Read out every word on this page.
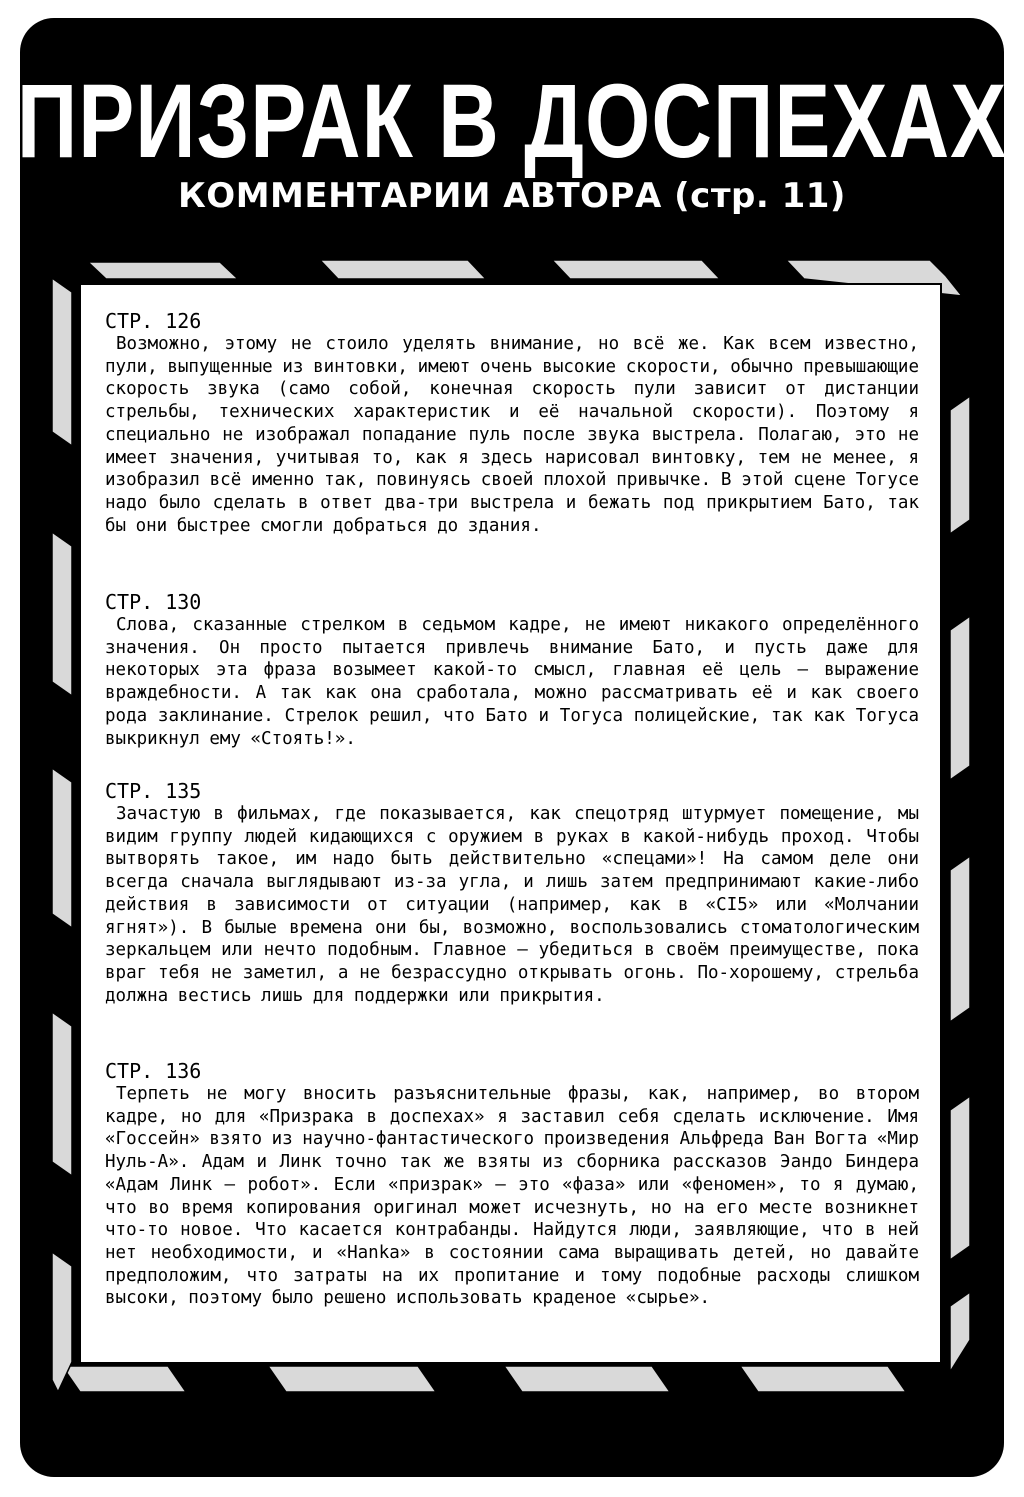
ПРИЗРАК В ДОСПЕХАХ
КОММЕНТАРИИ АВТОРА (стр. 11)

СТР. 126

Возможно, этому не стоило уделять внимание, но всё же. Как всем известно, пули, выпущенные из винтовки, имеют очень высокие скорости, обычно превышающие скорость звука (само собой, конечная скорость пули зависит от дистанции стрельбы, технических характеристик и её начальной скорости). Поэтому я специально не изображал попадание пуль после звука выстрела. Полагаю, это не имеет значения, учитывая то, как я здесь нарисовал винтовку, тем не менее, я изобразил всё именно так, повинуясь своей плохой привычке. В этой сцене Тогусе надо было сделать в ответ два-три выстрела и бежать под прикрытием Бато, так бы они быстрее смогли добраться до здания.

СТР. 130

Слова, сказанные стрелком в седьмом кадре, не имеют никакого определённого значения. Он просто пытается привлечь внимание Бато, и пусть даже для некоторых эта фраза возымеет какой-то смысл, главная её цель – выражение враждебности. А так как она сработала, можно рассматривать её и как своего рода заклинание. Стрелок решил, что Бато и Тогуса полицейские, так как Тогуса выкрикнул ему «Стоять!».

СТР. 135

Зачастую в фильмах, где показывается, как спецотряд штурмует помещение, мы видим группу людей кидающихся с оружием в руках в какой-нибудь проход. Чтобы вытворять такое, им надо быть действительно «спецами»! На самом деле они всегда сначала выглядывают из-за угла, и лишь затем предпринимают какие-либо действия в зависимости от ситуации (например, как в «CI5» или «Молчании ягнят»). В былые времена они бы, возможно, воспользовались стоматологическим зеркальцем или нечто подобным. Главное – убедиться в своём преимуществе, пока враг тебя не заметил, а не безрассудно открывать огонь. По-хорошему, стрельба должна вестись лишь для поддержки или прикрытия.

СТР. 136

Терпеть не могу вносить разъяснительные фразы, как, например, во втором кадре, но для «Призрака в доспехах» я заставил себя сделать исключение. Имя «Госсейн» взято из научно-фантастического произведения Альфреда Ван Вогта «Мир Нуль-А». Адам и Линк точно так же взяты из сборника рассказов Эандо Биндера «Адам Линк – робот». Если «призрак» – это «фаза» или «феномен», то я думаю, что во время копирования оригинал может исчезнуть, но на его месте возникнет что-то новое. Что касается контрабанды. Найдутся люди, заявляющие, что в ней нет необходимости, и «Hanka» в состоянии сама выращивать детей, но давайте предположим, что затраты на их пропитание и тому подобные расходы слишком высоки, поэтому было решено использовать краденое «сырье».
